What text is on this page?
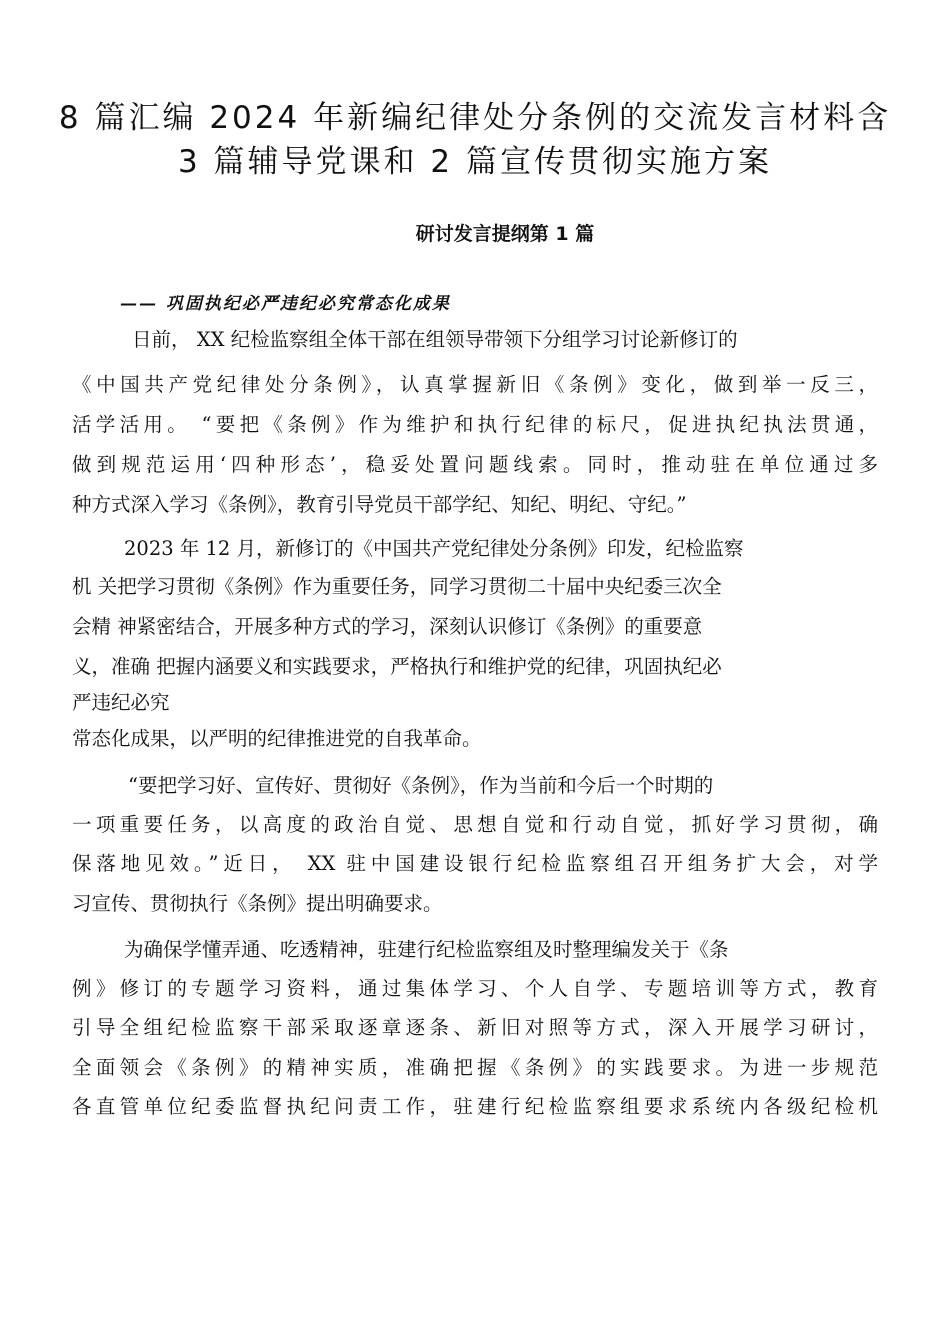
8 篇汇编 2024 年新编纪律处分条例的交流发言材料含
3 篇辅导党课和 2 篇宣传贯彻实施方案
研讨发言提纲第 1 篇
—— 巩固执纪必严违纪必究常态化成果
日前， XX 纪检监察组全体干部在组领导带领下分组学习讨论新修订的
《中国共产党纪律处分条例》，认真掌握新旧《条例》变化，做到举一反三，
活学活用。 “要把《条例》作为维护和执行纪律的标尺，促进执纪执法贯通，
做到规范运用‘四种形态’，稳妥处置问题线索。同时，推动驻在单位通过多
种方式深入学习《条例》，教育引导党员干部学纪、知纪、明纪、守纪。”
2023 年 12 月，新修订的《中国共产党纪律处分条例》印发，纪检监察
机 关把学习贯彻《条例》作为重要任务，同学习贯彻二十届中央纪委三次全
会精 神紧密结合，开展多种方式的学习，深刻认识修订《条例》的重要意
义，准确 把握内涵要义和实践要求，严格执行和维护党的纪律，巩固执纪必
严违纪必究
常态化成果，以严明的纪律推进党的自我革命。
“要把学习好、宣传好、贯彻好《条例》，作为当前和今后一个时期的
一项重要任务，以高度的政治自觉、思想自觉和行动自觉，抓好学习贯彻，确
保落地见效。”近日， XX 驻中国建设银行纪检监察组召开组务扩大会，对学
习宣传、贯彻执行《条例》提出明确要求。
为确保学懂弄通、吃透精神，驻建行纪检监察组及时整理编发关于《条
例》修订的专题学习资料，通过集体学习、个人自学、专题培训等方式，教育
引导全组纪检监察干部采取逐章逐条、新旧对照等方式，深入开展学习研讨，
全面领会《条例》的精神实质，准确把握《条例》的实践要求。为进一步规范
各直管单位纪委监督执纪问责工作，驻建行纪检监察组要求系统内各级纪检机
